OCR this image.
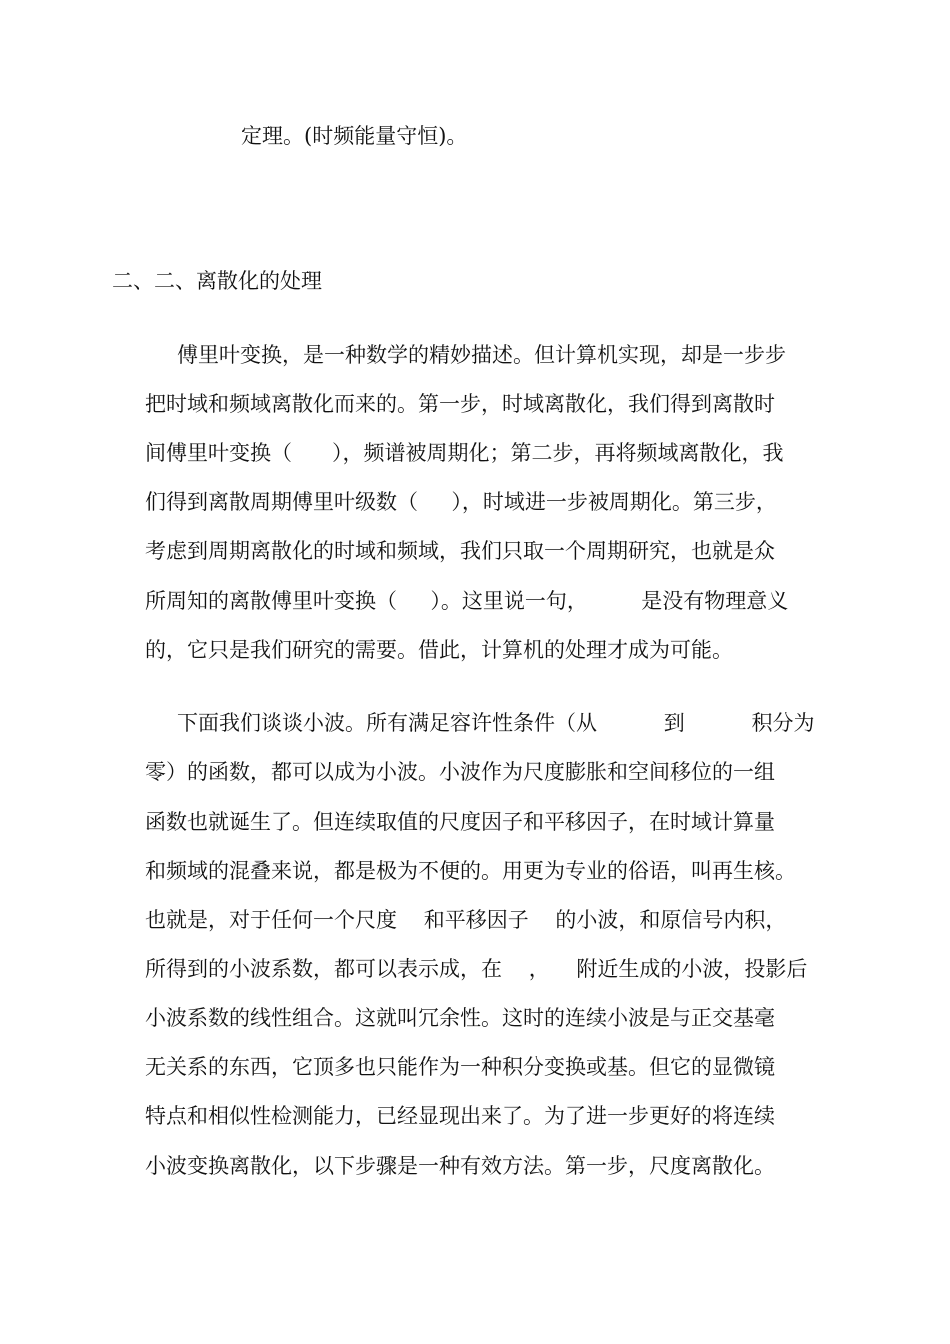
定理。(时频能量守恒)。
二、二、离散化的处理
傅里叶变换，是一种数学的精妙描述。但计算机实现，却是一步步
把时域和频域离散化而来的。第一步，时域离散化，我们得到离散时
间傅里叶变换（      ），频谱被周期化；第二步，再将频域离散化，我
们得到离散周期傅里叶级数（     ），时域进一步被周期化。第三步，
考虑到周期离散化的时域和频域，我们只取一个周期研究，也就是众
所周知的离散傅里叶变换（     ）。这里说一句，        是没有物理意义
的，它只是我们研究的需要。借此，计算机的处理才成为可能。
下面我们谈谈小波。所有满足容许性条件（从          到          积分为
零）的函数，都可以成为小波。小波作为尺度膨胀和空间移位的一组
函数也就诞生了。但连续取值的尺度因子和平移因子，在时域计算量
和频域的混叠来说，都是极为不便的。用更为专业的俗语，叫再生核。
也就是，对于任何一个尺度    和平移因子    的小波，和原信号内积，
所得到的小波系数，都可以表示成，在    ，    附近生成的小波，投影后
小波系数的线性组合。这就叫冗余性。这时的连续小波是与正交基毫
无关系的东西，它顶多也只能作为一种积分变换或基。但它的显微镜
特点和相似性检测能力，已经显现出来了。为了进一步更好的将连续
小波变换离散化，以下步骤是一种有效方法。第一步，尺度离散化。
